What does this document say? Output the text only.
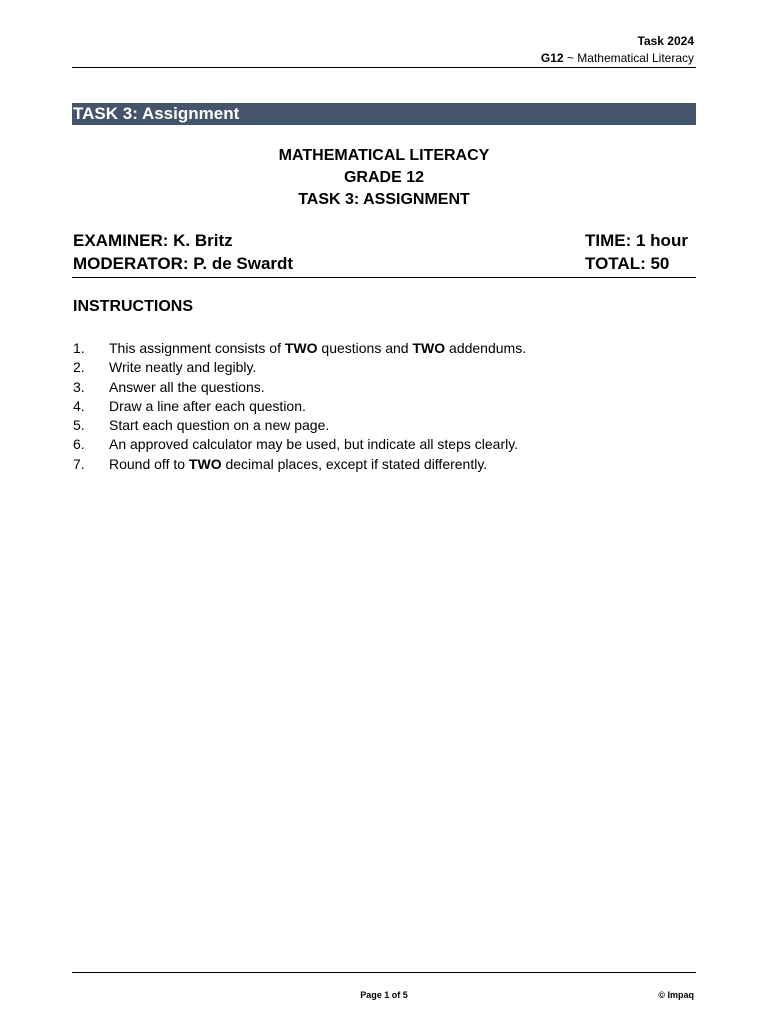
Task 2024
G12 ~ Mathematical Literacy
TASK 3: Assignment
MATHEMATICAL LITERACY
GRADE 12
TASK 3: ASSIGNMENT
EXAMINER: K. Britz	TIME: 1 hour
MODERATOR: P. de Swardt	TOTAL: 50
INSTRUCTIONS
1.	This assignment consists of TWO questions and TWO addendums.
2.	Write neatly and legibly.
3.	Answer all the questions.
4.	Draw a line after each question.
5.	Start each question on a new page.
6.	An approved calculator may be used, but indicate all steps clearly.
7.	Round off to TWO decimal places, except if stated differently.
Page 1 of 5	© Impaq
